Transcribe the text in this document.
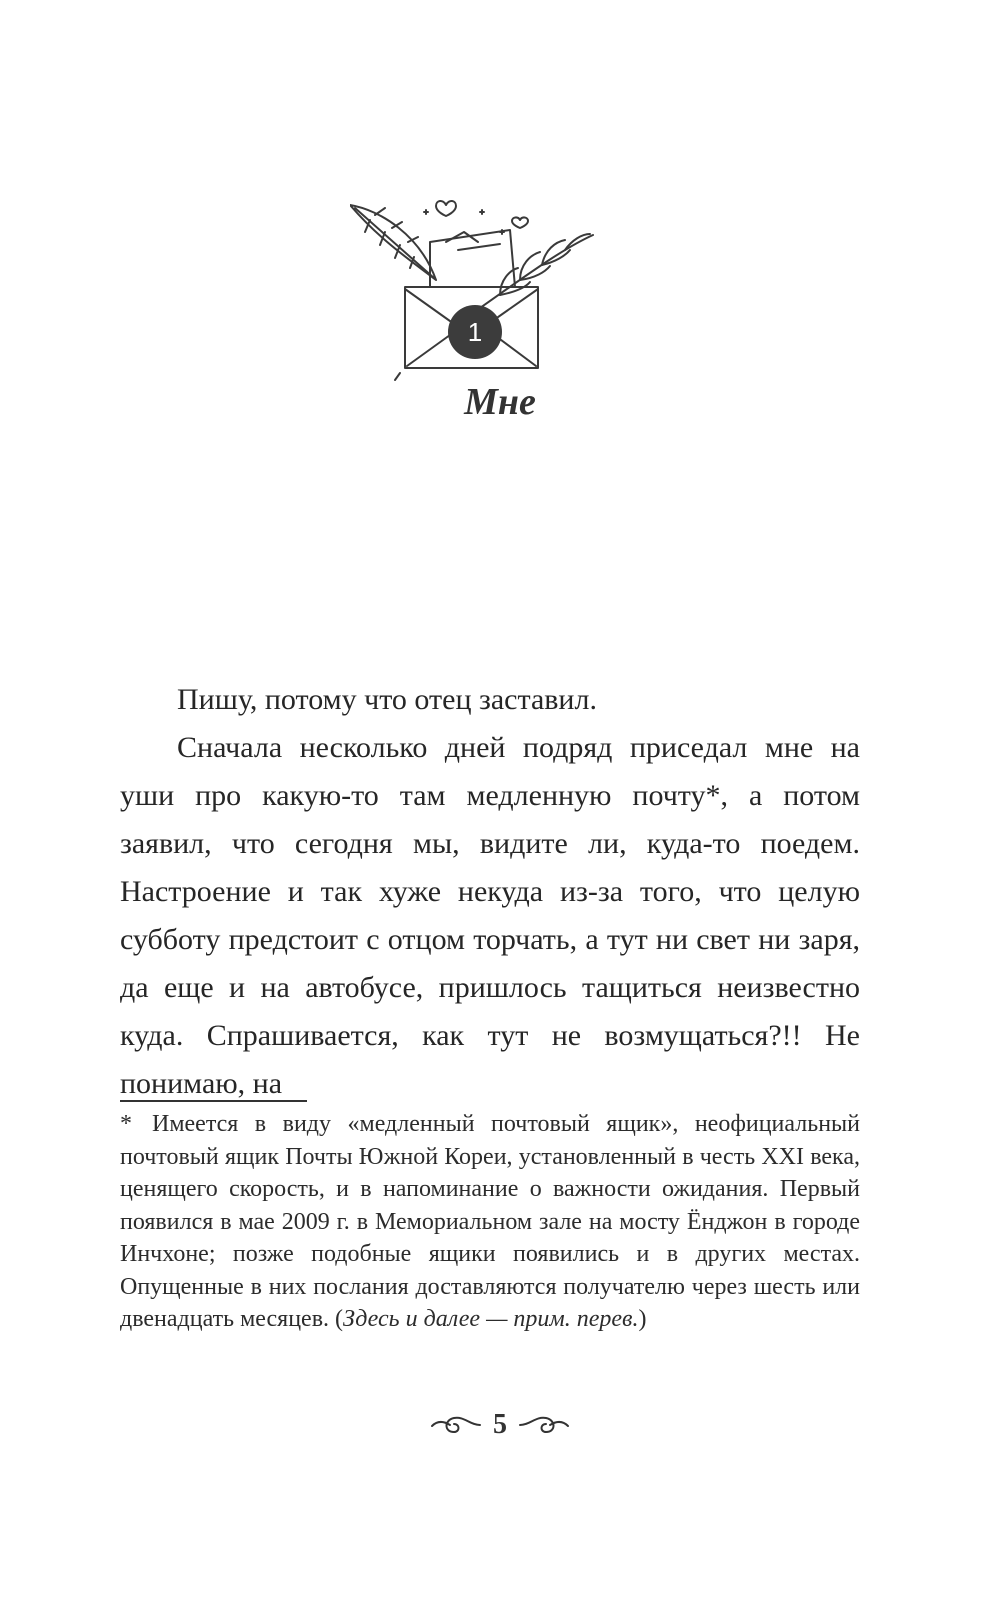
1
Мне

Пишу, потому что отец заставил.

Сначала несколько дней подряд приседал мне на уши про какую-то там медленную почту*, а потом заявил, что сегодня мы, видите ли, куда-то поедем. Настроение и так хуже некуда из-за того, что целую субботу предстоит с отцом торчать, а тут ни свет ни заря, да еще и на автобусе, пришлось тащиться неизвестно куда. Спрашивается, как тут не возмущаться?!! Не понимаю, на

* Имеется в виду «медленный почтовый ящик», неофициальный почтовый ящик Почты Южной Кореи, установленный в честь XXI века, ценящего скорость, и в напоминание о важности ожидания. Первый появился в мае 2009 г. в Мемориальном зале на мосту Ёнджон в городе Инчхоне; позже подобные ящики появились и в других местах. Опущенные в них послания доставляются получателю через шесть или двенадцать месяцев. (Здесь и далее — прим. перев.)
5
